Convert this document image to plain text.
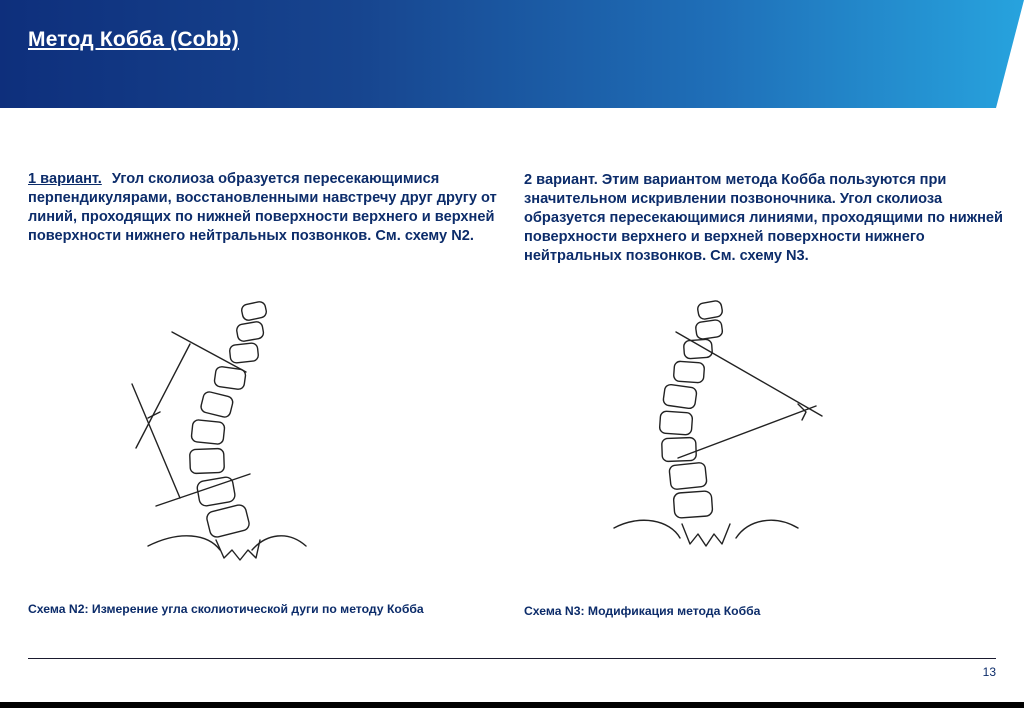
Метод Кобба (Cobb)
1 вариант. Угол сколиоза образуется пересекающимися перпендикулярами, восстановленными навстречу друг другу от линий, проходящих по нижней поверхности верхнего и верхней поверхности нижнего нейтральных позвонков. См. схему N2.
2 вариант. Этим вариантом метода Кобба пользуются при значительном искривлении позвоночника. Угол сколиоза образуется пересекающимися линиями, проходящими по нижней поверхности верхнего и верхней поверхности нижнего нейтральных позвонков. См. схему N3.
Схема N2: Измерение угла сколиотической дуги по методу Кобба	Схема N3: Модификация метода Кобба
13
